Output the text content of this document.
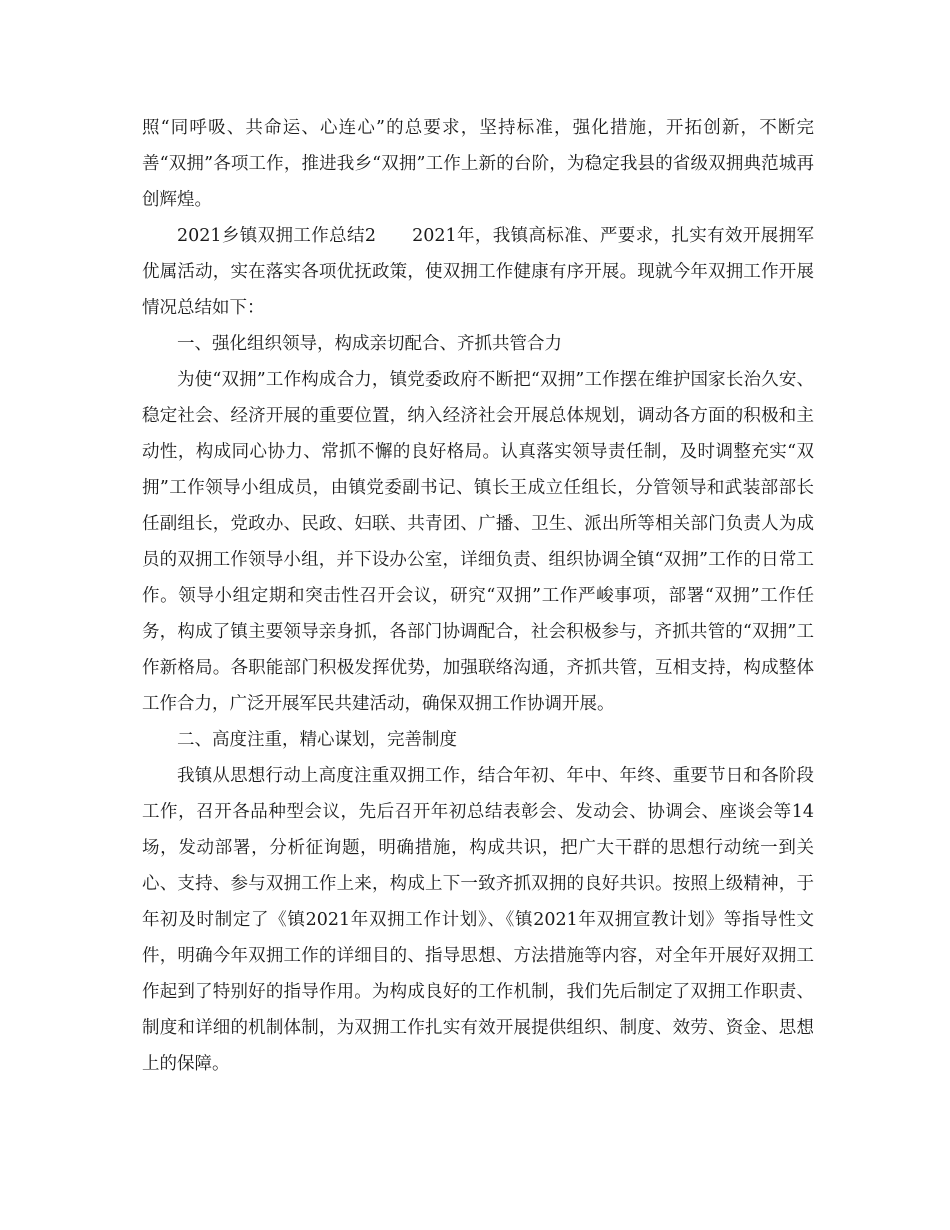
照“同呼吸、共命运、心连心”的总要求，坚持标准，强化措施，开拓创新，不断完善“双拥”各项工作，推进我乡“双拥”工作上新的台阶，为稳定我县的省级双拥典范城再创辉煌。

2021乡镇双拥工作总结2　　2021年，我镇高标准、严要求，扎实有效开展拥军优属活动，实在落实各项优抚政策，使双拥工作健康有序开展。现就今年双拥工作开展情况总结如下：

一、强化组织领导，构成亲切配合、齐抓共管合力

为使“双拥”工作构成合力，镇党委政府不断把“双拥”工作摆在维护国家长治久安、稳定社会、经济开展的重要位置，纳入经济社会开展总体规划，调动各方面的积极和主动性，构成同心协力、常抓不懈的良好格局。认真落实领导责任制，及时调整充实“双拥”工作领导小组成员，由镇党委副书记、镇长王成立任组长，分管领导和武装部部长任副组长，党政办、民政、妇联、共青团、广播、卫生、派出所等相关部门负责人为成员的双拥工作领导小组，并下设办公室，详细负责、组织协调全镇“双拥”工作的日常工作。领导小组定期和突击性召开会议，研究“双拥”工作严峻事项，部署“双拥”工作任务，构成了镇主要领导亲身抓，各部门协调配合，社会积极参与，齐抓共管的“双拥”工作新格局。各职能部门积极发挥优势，加强联络沟通，齐抓共管，互相支持，构成整体工作合力，广泛开展军民共建活动，确保双拥工作协调开展。

二、高度注重，精心谋划，完善制度

我镇从思想行动上高度注重双拥工作，结合年初、年中、年终、重要节日和各阶段工作，召开各品种型会议，先后召开年初总结表彰会、发动会、协调会、座谈会等14场，发动部署，分析征询题，明确措施，构成共识，把广大干群的思想行动统一到关心、支持、参与双拥工作上来，构成上下一致齐抓双拥的良好共识。按照上级精神，于年初及时制定了《镇2021年双拥工作计划》、《镇2021年双拥宣教计划》等指导性文件，明确今年双拥工作的详细目的、指导思想、方法措施等内容，对全年开展好双拥工作起到了特别好的指导作用。为构成良好的工作机制，我们先后制定了双拥工作职责、制度和详细的机制体制，为双拥工作扎实有效开展提供组织、制度、效劳、资金、思想上的保障。
